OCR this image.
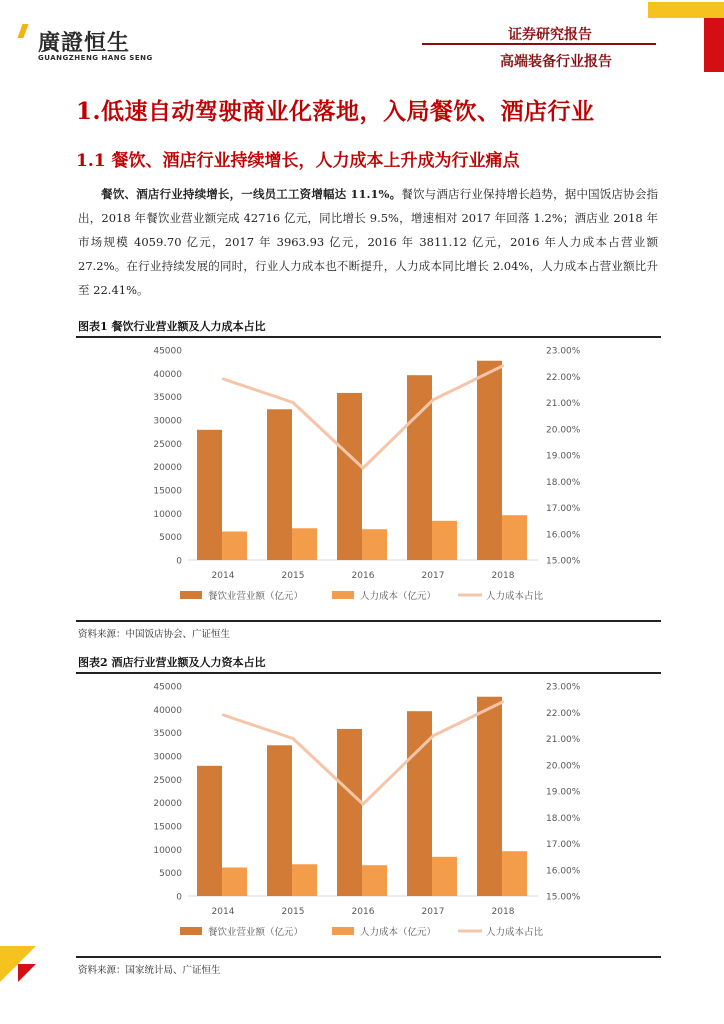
廣證恒生
GUANGZHENG HANG SENG
证券研究报告
高端装备行业报告
1.低速自动驾驶商业化落地，入局餐饮、酒店行业
1.1 餐饮、酒店行业持续增长，人力成本上升成为行业痛点
餐饮、酒店行业持续增长，一线员工工资增幅达 11.1%。餐饮与酒店行业保持增长趋势，据中国饭店协会指出，2018 年餐饮业营业额完成 42716 亿元，同比增长 9.5%，增速相对 2017 年回落 1.2%；酒店业 2018 年市场规模 4059.70 亿元，2017 年 3963.93 亿元，2016 年 3811.12 亿元，2016 年人力成本占营业额 27.2%。在行业持续发展的同时，行业人力成本也不断提升，人力成本同比增长 2.04%，人力成本占营业额比升至 22.41%。
图表1 餐饮行业营业额及人力成本占比
0
5000
10000
15000
20000
25000
30000
35000
40000
45000
15.00%
16.00%
17.00%
18.00%
19.00%
20.00%
21.00%
22.00%
23.00%
2014	2015	2016	2017	2018
餐饮业营业额（亿元）	人力成本（亿元）	人力成本占比
资料来源：中国饭店协会、广证恒生
图表2 酒店行业营业额及人力资本占比
0
5000
10000
15000
20000
25000
30000
35000
40000
45000
15.00%
16.00%
17.00%
18.00%
19.00%
20.00%
21.00%
22.00%
23.00%
2014	2015	2016	2017	2018
餐饮业营业额（亿元）	人力成本（亿元）	人力成本占比
资料来源：国家统计局、广证恒生
